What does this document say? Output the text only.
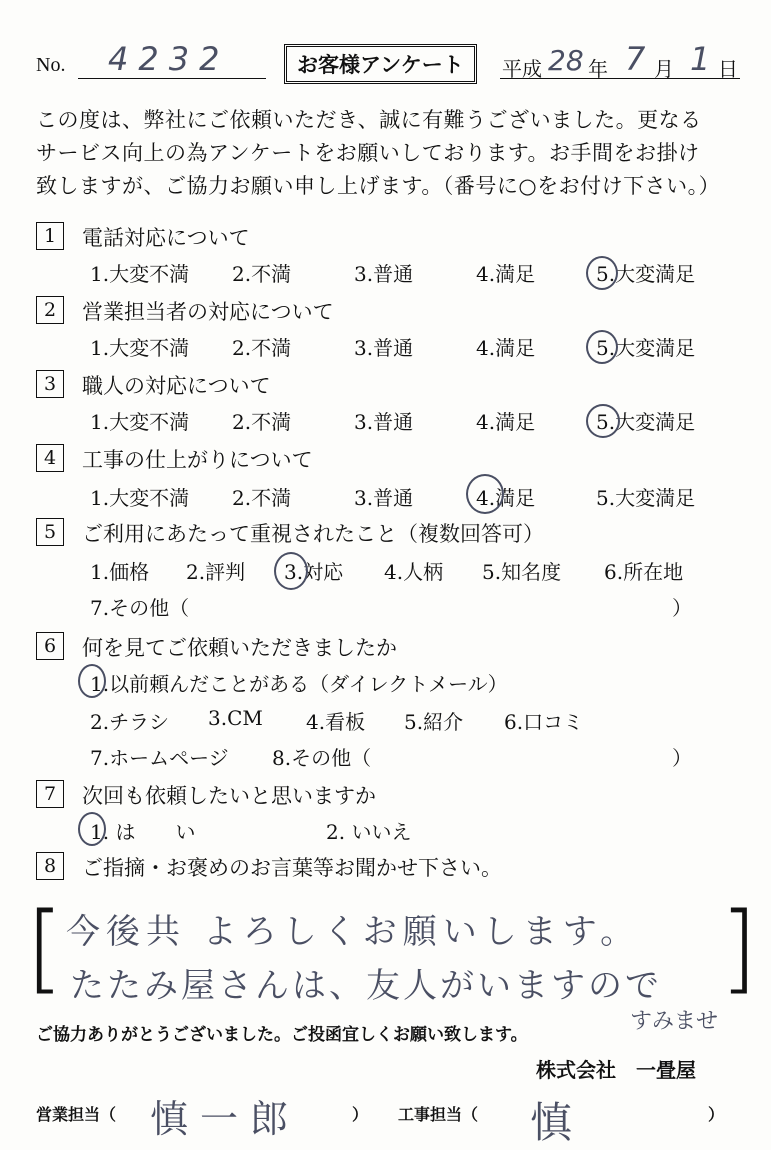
No. 4232	お客様アンケート	平成 28 年 7 月 1 日
この度は、弊社にご依頼いただき、誠に有難うございました。更なる
サービス向上の為アンケートをお願いしております。お手間をお掛け
致しますが、ご協力お願い申し上げます。（番号に○をお付け下さい。）
1	電話対応について
1.大変不満 2.不満	3.普通	4.満足	5.大変満足
2	営業担当者の対応について
1.大変不満 2.不満	3.普通	4.満足	5.大変満足
3	職人の対応について
1.大変不満 2.不満	3.普通	4.満足	5.大変満足
4	工事の仕上がりについて
1.大変不満 2.不満	3.普通	4.満足	5.大変満足
5	ご利用にあたって重視されたこと（複数回答可）
1.価格 2.評判 3.対応 4.人柄 5.知名度 6.所在地
7.その他（	）
6	何を見てご依頼いただきましたか
1.以前頼んだことがある（ダイレクトメール）
2.チラシ 3.CM 4.看板 5.紹介 6.口コミ
7.ホームページ 8.その他（	）
7	次回も依頼したいと思いますか
1. は　　い	2. いいえ
8	ご指摘・お褒めのお言葉等お聞かせ下さい。
[	]
今後共 よろしくお願いします。
たたみ屋さんは、友人がいますので
すみませ
ご協力ありがとうございました。ご投函宜しくお願い致します。
株式会社　一畳屋
営業担当（ 慎一郎	） 工事担当（ 慎	）
